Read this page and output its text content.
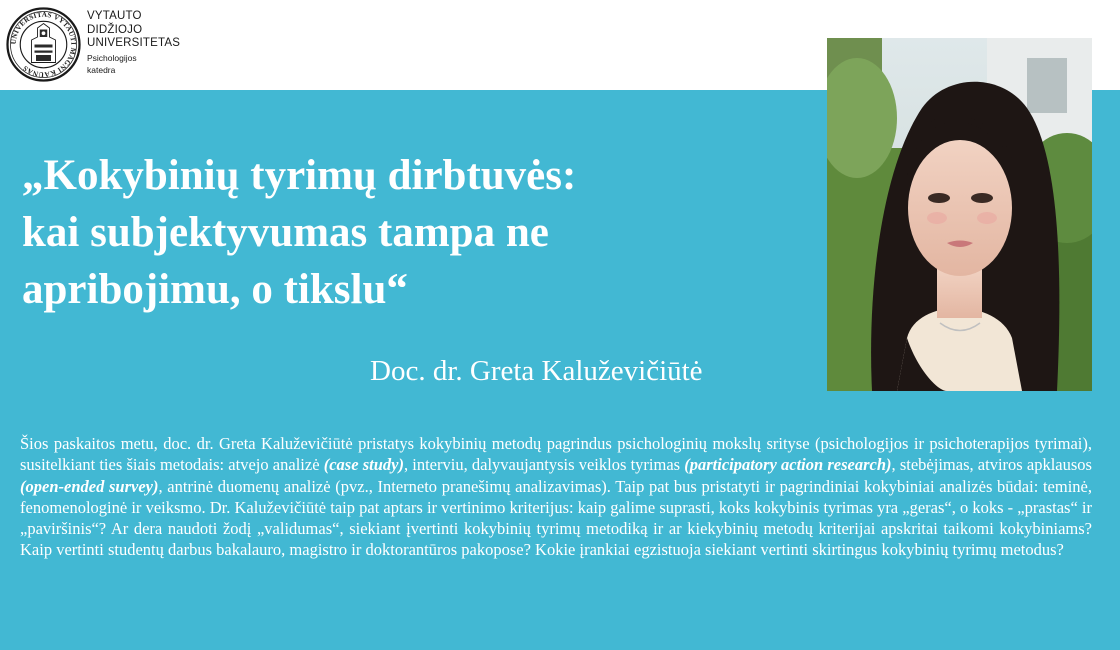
UNIVERSITAS VYTAUTI MAGNI KAUNAS
VYTAUTO
DIDŽIOJO
UNIVERSITETAS
Psichologijos
katedra
„Kokybinių tyrimų dirbtuvės:
kai subjektyvumas tampa ne
apribojimu, o tikslu“
Doc. dr. Greta Kaluževičiūtė

Šios paskaitos metu, doc. dr. Greta Kaluževičiūtė pristatys kokybinių metodų pagrindus psichologinių mokslų srityse (psichologijos ir psichoterapijos tyrimai), susitelkiant ties šiais metodais: atvejo analizė (case study), interviu, dalyvaujantysis veiklos tyrimas (participatory action research), stebėjimas, atviros apklausos (open-ended survey), antrinė duomenų analizė (pvz., Interneto pranešimų analizavimas). Taip pat bus pristatyti ir pagrindiniai kokybiniai analizės būdai: teminė, fenomenologinė ir veiksmo. Dr. Kaluževičiūtė taip pat aptars ir vertinimo kriterijus: kaip galime suprasti, koks kokybinis tyrimas yra „geras“, o koks - „prastas“ ir „paviršinis“? Ar dera naudoti žodį „validumas“, siekiant įvertinti kokybinių tyrimų metodiką ir ar kiekybinių metodų kriterijai apskritai taikomi kokybiniams? Kaip vertinti studentų darbus bakalauro, magistro ir doktorantūros pakopose? Kokie įrankiai egzistuoja siekiant vertinti skirtingus kokybinių tyrimų metodus?
